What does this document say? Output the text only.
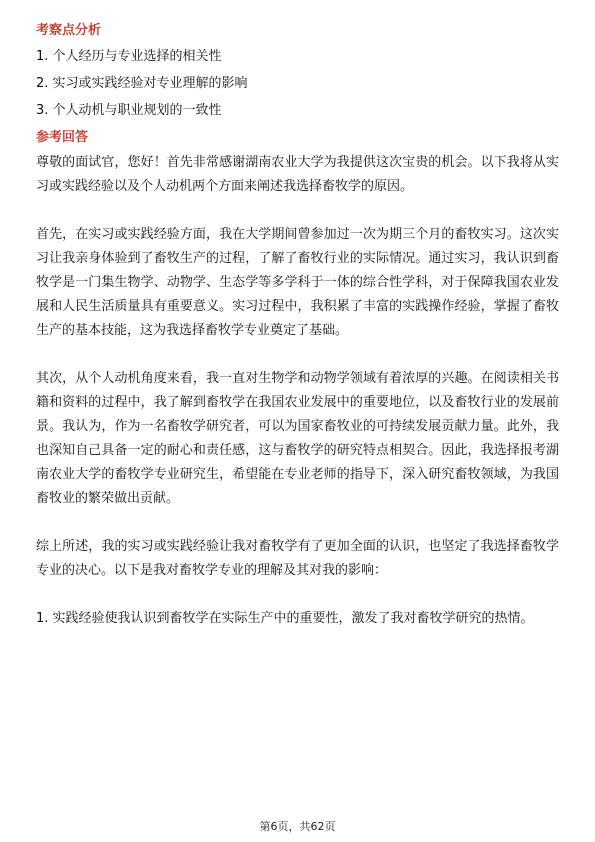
考察点分析
1. 个人经历与专业选择的相关性
2. 实习或实践经验对专业理解的影响
3. 个人动机与职业规划的一致性
参考回答

尊敬的面试官，您好！首先非常感谢湖南农业大学为我提供这次宝贵的机会。以下我将从实习或实践经验以及个人动机两个方面来阐述我选择畜牧学的原因。

首先，在实习或实践经验方面，我在大学期间曾参加过一次为期三个月的畜牧实习。这次实习让我亲身体验到了畜牧生产的过程，了解了畜牧行业的实际情况。通过实习，我认识到畜牧学是一门集生物学、动物学、生态学等多学科于一体的综合性学科，对于保障我国农业发展和人民生活质量具有重要意义。实习过程中，我积累了丰富的实践操作经验，掌握了畜牧生产的基本技能，这为我选择畜牧学专业奠定了基础。

其次，从个人动机角度来看，我一直对生物学和动物学领域有着浓厚的兴趣。在阅读相关书籍和资料的过程中，我了解到畜牧学在我国农业发展中的重要地位，以及畜牧行业的发展前景。我认为，作为一名畜牧学研究者，可以为国家畜牧业的可持续发展贡献力量。此外，我也深知自己具备一定的耐心和责任感，这与畜牧学的研究特点相契合。因此，我选择报考湖南农业大学的畜牧学专业研究生，希望能在专业老师的指导下，深入研究畜牧领域，为我国畜牧业的繁荣做出贡献。

综上所述，我的实习或实践经验让我对畜牧学有了更加全面的认识，也坚定了我选择畜牧学专业的决心。以下是我对畜牧学专业的理解及其对我的影响：

1. 实践经验使我认识到畜牧学在实际生产中的重要性，激发了我对畜牧学研究的热情。

第6页，共62页
